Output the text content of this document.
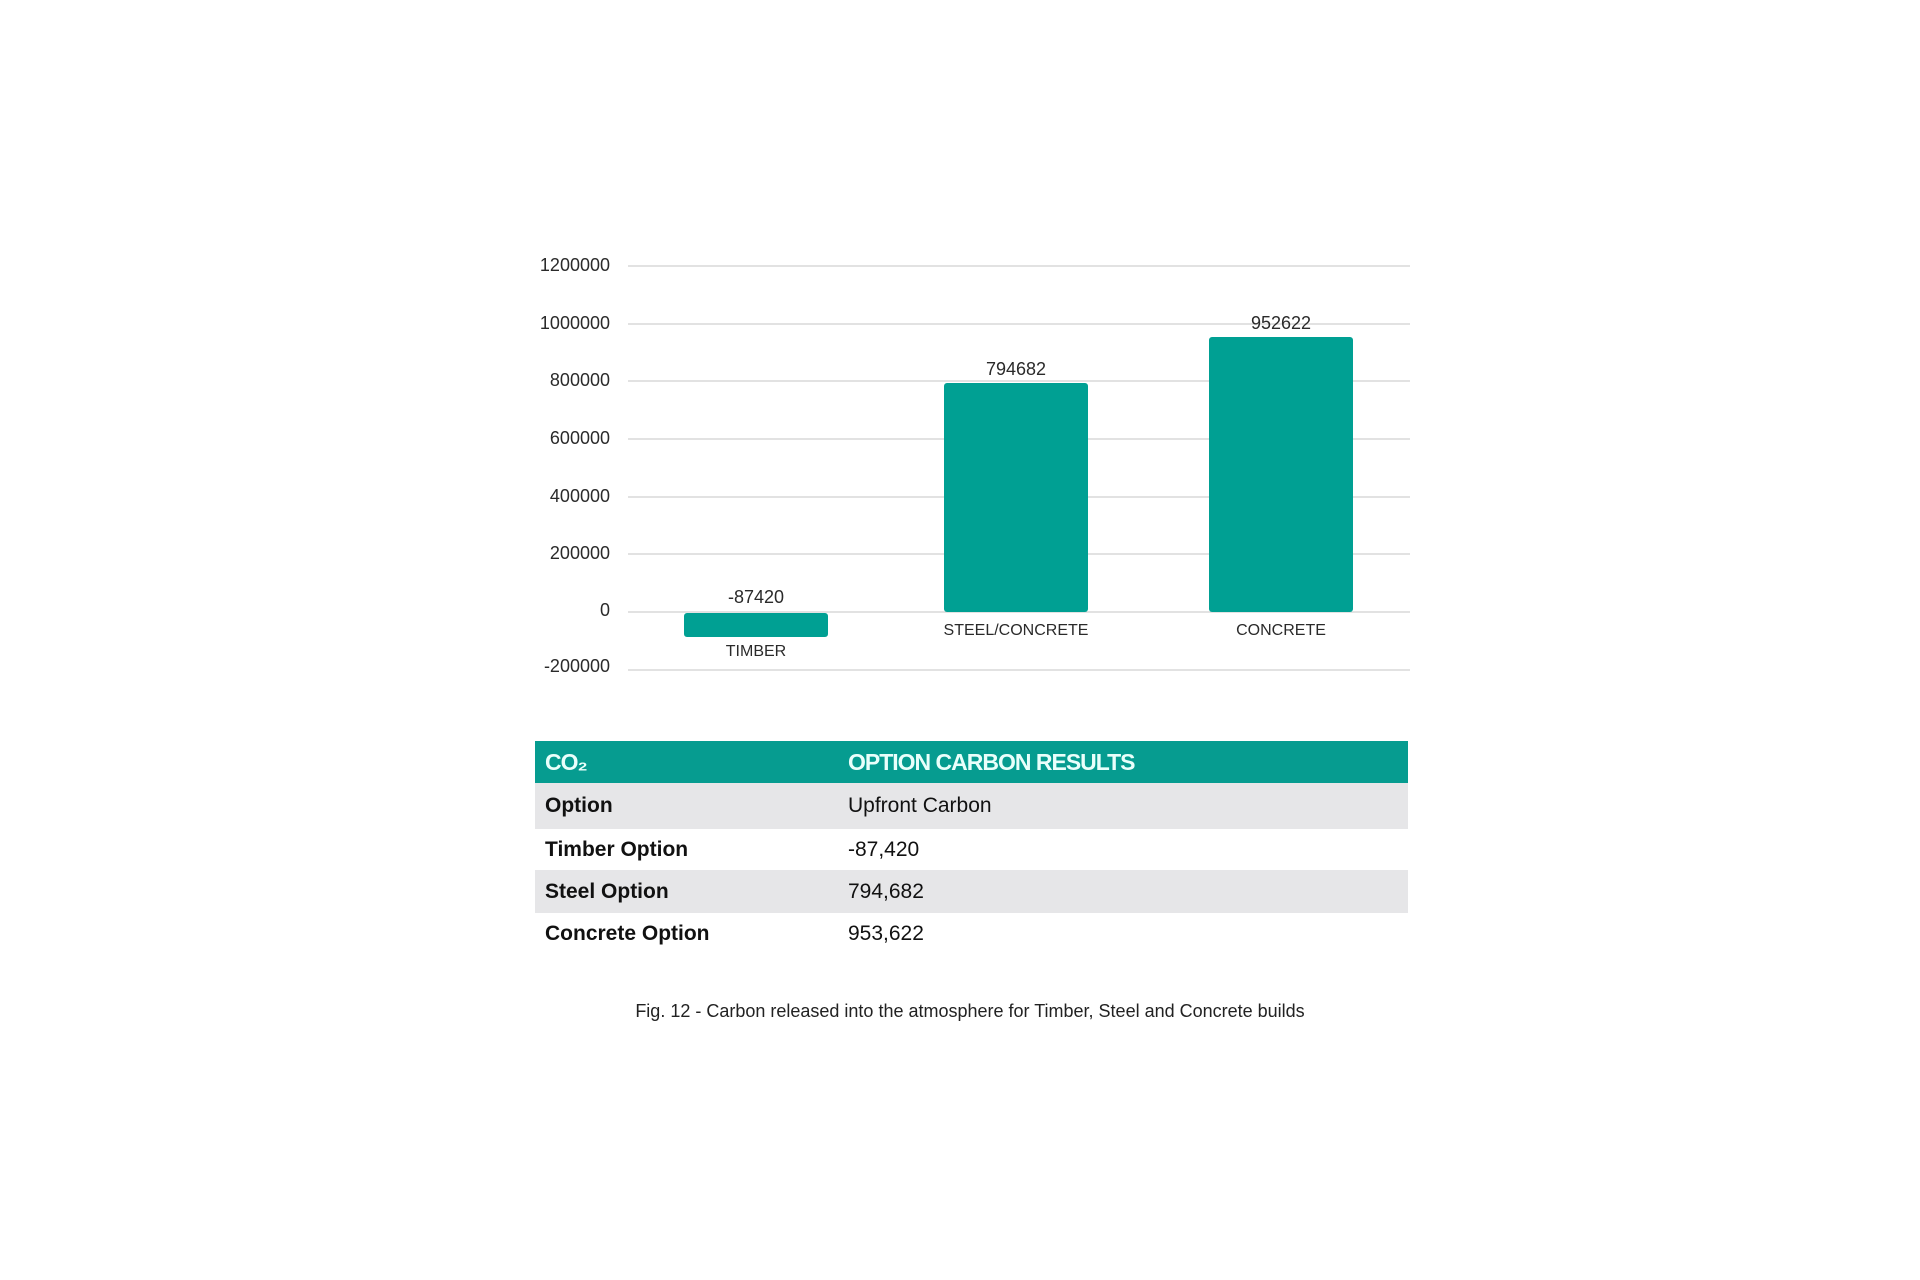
1200000
1000000
800000
600000
400000
200000
0
-200000
-87420
794682
952622
TIMBER
STEEL/CONCRETE	CONCRETE
CO₂	OPTION CARBON RESULTS
Option	Upfront Carbon
Timber Option	-87,420
Steel Option	794,682
Concrete Option	953,622
Fig. 12 - Carbon released into the atmosphere for Timber, Steel and Concrete builds
